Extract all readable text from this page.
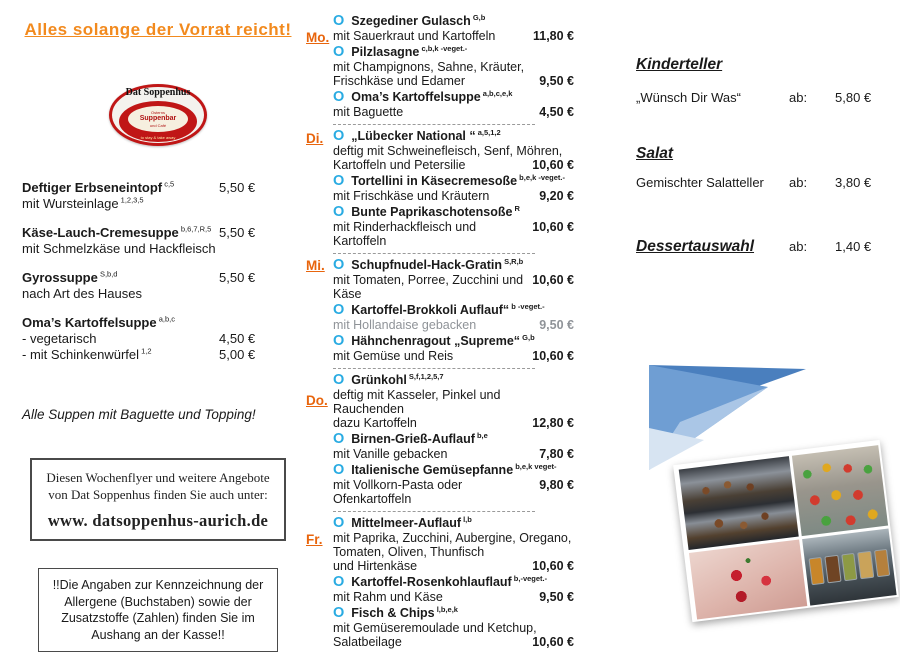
Alles solange der Vorrat reicht!
Dat Soppenhus
Osterns
Suppenbar
und Café
to stay & take away
Deftiger Erbseneintopf $^{c,5}$	5,50 €
mit Wursteinlage $^{1,2,3,5}$
Käse-Lauch-Cremesuppe $^{b,6,7,R,5}$ 5,50 €
mit Schmelzkäse und Hackfleisch
Gyrossuppe $^{S,b,d}$	5,50 €
nach Art des Hauses
Oma’s Kartoffelsuppe $^{a,b,c}$
- vegetarisch	4,50 €
- mit Schinkenwürfel $^{1,2}$	5,00 €
Alle Suppen mit Baguette und Topping!
Diesen Wochenflyer und weitere Angebote
von Dat Soppenhus finden Sie auch unter:
www. datsoppenhus-aurich.de
!!Die Angaben zur Kennzeichnung der
Allergene (Buchstaben) sowie der
Zusatzstoffe (Zahlen) finden Sie im
Aushang an der Kasse!!
Mo.
O Szegediner Gulasch $^{G,b}$
mit Sauerkraut und Kartoffeln	11,80 €
O Pilzlasagne $^{c,b,k -veget.-}$
mit Champignons, Sahne, Kräuter,
Frischkäse und Edamer	9,50 €
O Oma’s Kartoffelsuppe $^{a,b,c,e,k}$
mit Baguette	4,50 €
Di. O „Lübecker National “ $^{a,5,1,2}$
deftig mit Schweinefleisch, Senf, Möhren,
Kartoffeln und Petersilie	10,60 €
O Tortellini in Käsecremesoße $^{b,e,k -veget.-}$
mit Frischkäse und Kräutern	9,20 €
O Bunte Paprikaschotensoße $^R$
mit Rinderhackfleisch und Kartoffeln
10,60 €
Mi. O Schupfnudel-Hack-Gratin $^{S,R,b}$
mit Tomaten, Porree, Zucchini und Käse
10,60 €
O Kartoffel-Brokkoli Auflauf“ $^{b -veget.-}$
mit Hollandaise gebacken	9,50 €
O Hähnchenragout „Supreme“ $^{G,b}$
mit Gemüse und Reis	10,60 €
Do.
O Grünkohl $^{S,f,1,2,5,7}$
deftig mit Kasseler, Pinkel und Rauchenden
dazu Kartoffeln	12,80 €
O Birnen-Grieß-Auflauf $^{b,e}$
mit Vanille gebacken	7,80 €
O Italienische Gemüsepfanne $^{b,e,k veget-}$
mit Vollkorn-Pasta oder Ofenkartoffeln
9,80 €
Fr.
O Mittelmeer-Auflauf $^{l,b}$
mit Paprika, Zucchini, Aubergine, Oregano,
Tomaten, Oliven, Thunfisch
und Hirtenkäse	10,60 €
O Kartoffel-Rosenkohlauflauf $^{b,-veget.-}$
mit Rahm und Käse	9,50 €
O Fisch & Chips $^{l,b,e,k}$
mit Gemüseremoulade und Ketchup,
Salatbeilage	10,60 €
Kinderteller
„Wünsch Dir Was“	ab:	5,80 €
Salat
Gemischter Salatteller	ab:	3,80 €
Dessertauswahl	ab:	1,40 €
